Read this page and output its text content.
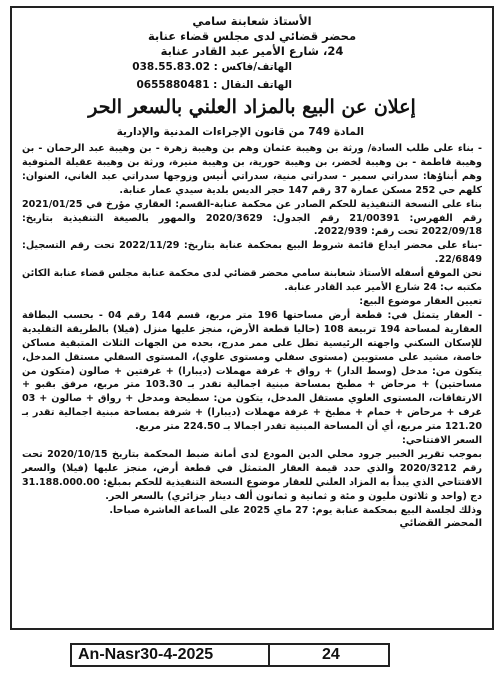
الأستاذ شعابنة سامي
محضر قضائي لدى مجلس قضاء عنابة
24، شارع الأمير عبد القادر عنابة
الهاتف/فاكس : 038.55.83.02
الهاتف النقال : 0655880481
إعلان عن البيع بالمزاد العلني بالسعر الحر
المادة 749 من قانون الإجراءات المدنية والإدارية

- بناء على طلب السادة/ ورثة بن وهيبة عثمان وهم بن وهيبة زهرة - بن وهيبة عبد الرحمان - بن وهيبة فاطمة - بن وهيبة لخضر، بن وهيبة حورية، بن وهيبة منيرة، ورثة بن وهيبة عقيلة المتوفية وهم أبناؤها: سدراتي سمير - سدراتي منية، سدراتي أنيس وزوجها سدراتي عبد الغاني، العنوان: كلهم حي 252 مسكن عمارة 37 رقم 147 حجر الديس بلدية سيدي عمار عنابة.

بناء على النسخة التنفيذية للحكم الصادر عن محكمة عنابة-القسم: العقاري مؤرخ في 2021/01/25 رقم الفهرس: 21/00391 رقم الجدول: 2020/3629 والمهور بالصيغة التنفيذية بتاريخ: 2022/09/18 تحت رقم: 2022/939.

-بناء على محضر ايداع قائمة شروط البيع بمحكمة عنابة بتاريخ: 2022/11/29 تحت رقم التسجيل: 22/6849.

نحن الموقع أسفله الأستاذ شعابنة سامي محضر قضائي لدى محكمة عنابة مجلس قضاء عنابة الكائن مكتبه ب: 24 شارع الأمير عبد القادر عنابة.

تعيين العقار موضوع البيع:

- العقار يتمثل في: قطعة أرض مساحتها 196 متر مربع، قسم 144 رقم 04 - بحسب البطاقة العقارية لمساحة 194 تربيعة 108 (حاليا قطعة الأرض، منجز عليها منزل (فيلا) بالطريقة التقليدية للإسكان السكني واجهته الرئيسية تطل على ممر مدرج، بحده من الجهات الثلاث المتبقية مساكن خاصة، مشيد على مستويين (مستوى سفلي ومستوى علوي)، المستوى السفلي مستقل المدخل، يتكون من: مدخل (وسط الدار) + رواق + غرفة مهملات (ديبارا) + غرفتين + صالون (متكون من مساحتين) + مرحاض + مطبخ بمساحة مبنية اجمالية تقدر بـ 103.30 متر مربع، مرفق بقبو + الارتفاقات، المستوى العلوي مستقل المدخل، يتكون من: سطيحة ومدخل + رواق + صالون + 03 غرف + مرحاض + حمام + مطبخ + غرفة مهملات (ديبارا) + شرفة بمساحة مبنية اجمالية تقدر بـ 121.20 متر مربع، أي أن المساحة المبنية تقدر اجمالا بـ 224.50 متر مربع.

السعر الافتتاحي:

بموجب تقرير الخبير جرود محلي الدين المودع لدى أمانة ضبط المحكمة بتاريخ 2020/10/15 تحت رقم 2020/3212 والذي حدد قيمة العقار المتمثل في قطعة أرض، منجز عليها (فيلا) والسعر الافتتاحي الذي يبدأ به المزاد العلني للعقار موضوع النسخة التنفيذية للحكم بمبلغ: 31.188.000.00 دج (واحد و ثلاثون مليون و مئة و ثمانية و ثمانون ألف دينار جزائري) بالسعر الحر.

وذلك لجلسة البيع بمحكمة عنابة يوم: 27 ماي 2025 على الساعة العاشرة صباحا.

المحضر القضائي

An-Nasr30-4-2025	24
